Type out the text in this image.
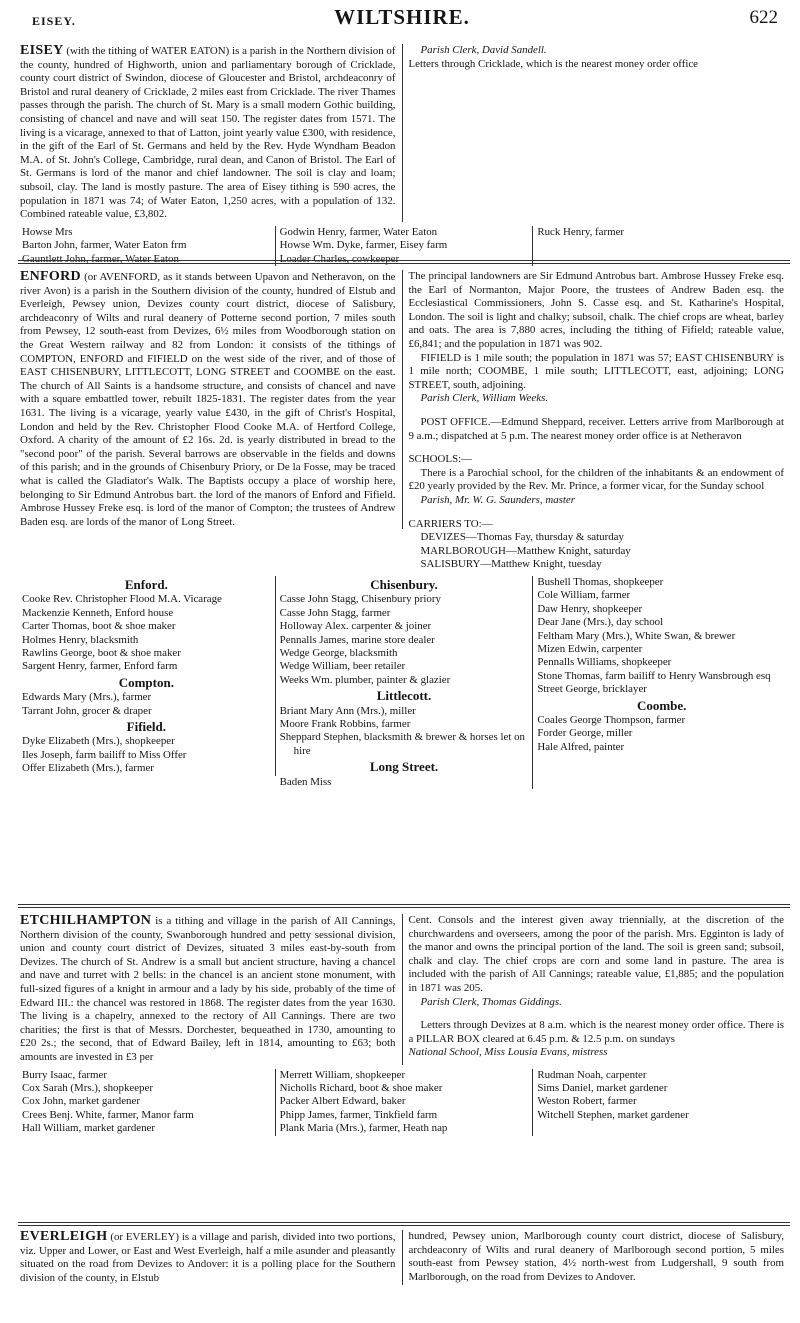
EISEY.	WILTSHIRE.	622

EISEY (with the tithing of WATER EATON) is a parish in the Northern division of the county, hundred of Highworth, union and parliamentary borough of Cricklade, county court district of Swindon, diocese of Gloucester and Bristol, archdeaconry of Bristol and rural deanery of Cricklade, 2 miles east from Cricklade. The river Thames passes through the parish. The church of St. Mary is a small modern Gothic building, consisting of chancel and nave and will seat 150. The register dates from 1571. The living is a vicarage, annexed to that of Latton, joint yearly value £300, with residence, in the gift of the Earl of St. Germans and held by the Rev. Hyde Wyndham Beadon M.A. of St. John's College, Cambridge, rural dean, and Canon of Bristol. The Earl of St. Germans is lord of the manor and chief landowner. The soil is clay and loam; subsoil, clay. The land is mostly pasture. The area of Eisey tithing is 590 acres, the population in 1871 was 74; of Water Eaton, 1,250 acres, with a population of 132. Combined rateable value, £3,802.

Parish Clerk, David Sandell.

Letters through Cricklade, which is the nearest money order office

Howse Mrs
Barton John, farmer, Water Eaton frm
Gauntlett John, farmer, Water Eaton
Godwin Henry, farmer, Water Eaton
Howse Wm. Dyke, farmer, Eisey farm
Loader Charles, cowkeeper
Ruck Henry, farmer

ENFORD (or AVENFORD, as it stands between Upavon and Netheravon, on the river Avon) is a parish in the Southern division of the county, hundred of Elstub and Everleigh, Pewsey union, Devizes county court district, diocese of Salisbury, archdeaconry of Wilts and rural deanery of Potterne second portion, 7 miles south from Pewsey, 12 south-east from Devizes, 6½ miles from Woodborough station on the Great Western railway and 82 from London: it consists of the tithings of COMPTON, ENFORD and FIFIELD on the west side of the river, and of those of EAST CHISENBURY, LITTLECOTT, LONG STREET and COOMBE on the east. The church of All Saints is a handsome structure, and consists of chancel and nave with a square embattled tower, rebuilt 1825-1831. The register dates from the year 1631. The living is a vicarage, yearly value £430, in the gift of Christ's Hospital, London and held by the Rev. Christopher Flood Cooke M.A. of Hertford College, Oxford. A charity of the amount of £2 16s. 2d. is yearly distributed in bread to the "second poor" of the parish. Several barrows are observable in the fields and downs of this parish; and in the grounds of Chisenbury Priory, or De la Fosse, may be traced what is called the Gladiator's Walk. The Baptists occupy a place of worship here, belonging to Sir Edmund Antrobus bart. the lord of the manors of Enford and Fifield. Ambrose Hussey Freke esq. is lord of the manor of Compton; the trustees of Andrew Baden esq. are lords of the manor of Long Street.

The principal landowners are Sir Edmund Antrobus bart. Ambrose Hussey Freke esq. the Earl of Normanton, Major Poore, the trustees of Andrew Baden esq. the Ecclesiastical Commissioners, John S. Casse esq. and St. Katharine's Hospital, London. The soil is light and chalky; subsoil, chalk. The chief crops are wheat, barley and oats. The area is 7,880 acres, including the tithing of Fifield; rateable value, £6,841; and the population in 1871 was 902.

FIFIELD is 1 mile south; the population in 1871 was 57; EAST CHISENBURY is 1 mile north; COOMBE, 1 mile south; LITTLECOTT, east, adjoining; LONG STREET, south, adjoining.

Parish Clerk, William Weeks.

POST OFFICE.—Edmund Sheppard, receiver. Letters arrive from Marlborough at 9 a.m.; dispatched at 5 p.m. The nearest money order office is at Netheravon

SCHOOLS:—

There is a Parochial school, for the children of the inhabitants & an endowment of £20 yearly provided by the Rev. Mr. Prince, a former vicar, for the Sunday school

Parish, Mr. W. G. Saunders, master

CARRIERS TO:—

DEVIZES—Thomas Fay, thursday & saturday

MARLBOROUGH—Matthew Knight, saturday

SALISBURY—Matthew Knight, tuesday

Enford.
Cooke Rev. Christopher Flood M.A. Vicarage
Mackenzie Kenneth, Enford house
Carter Thomas, boot & shoe maker
Holmes Henry, blacksmith
Rawlins George, boot & shoe maker
Sargent Henry, farmer, Enford farm
Compton.
Edwards Mary (Mrs.), farmer
Tarrant John, grocer & draper
Fifield.
Dyke Elizabeth (Mrs.), shopkeeper
Iles Joseph, farm bailiff to Miss Offer
Offer Elizabeth (Mrs.), farmer
Chisenbury.
Casse John Stagg, Chisenbury priory
Casse John Stagg, farmer
Holloway Alex. carpenter & joiner
Pennalls James, marine store dealer
Wedge George, blacksmith
Wedge William, beer retailer
Weeks Wm. plumber, painter & glazier
Littlecott.
Briant Mary Ann (Mrs.), miller
Moore Frank Robbins, farmer
Sheppard Stephen, blacksmith & brewer & horses let on hire
Long Street.
Baden Miss
Bushell Thomas, shopkeeper
Cole William, farmer
Daw Henry, shopkeeper
Dear Jane (Mrs.), day school
Feltham Mary (Mrs.), White Swan, & brewer
Mizen Edwin, carpenter
Pennalls Williams, shopkeeper
Stone Thomas, farm bailiff to Henry Wansbrough esq
Street George, bricklayer
Coombe.
Coales George Thompson, farmer
Forder George, miller
Hale Alfred, painter

ETCHILHAMPTON is a tithing and village in the parish of All Cannings, Northern division of the county, Swanborough hundred and petty sessional division, union and county court district of Devizes, situated 3 miles east-by-south from Devizes. The church of St. Andrew is a small but ancient structure, having a chancel and nave and turret with 2 bells: in the chancel is an ancient stone monument, with full-sized figures of a knight in armour and a lady by his side, probably of the time of Edward III.: the chancel was restored in 1868. The register dates from the year 1630. The living is a chapelry, annexed to the rectory of All Cannings. There are two charities; the first is that of Messrs. Dorchester, bequeathed in 1730, amounting to £20 2s.; the second, that of Edward Bailey, left in 1814, amounting to £63; both amounts are invested in £3 per

Cent. Consols and the interest given away triennially, at the discretion of the churchwardens and overseers, among the poor of the parish. Mrs. Egginton is lady of the manor and owns the principal portion of the land. The soil is green sand; subsoil, chalk and clay. The chief crops are corn and some land in pasture. The area is included with the parish of All Cannings; rateable value, £1,885; and the population in 1871 was 205.

Parish Clerk, Thomas Giddings.

Letters through Devizes at 8 a.m. which is the nearest money order office. There is a PILLAR BOX cleared at 6.45 p.m. & 12.5 p.m. on sundays

National School, Miss Lousia Evans, mistress

Burry Isaac, farmer
Cox Sarah (Mrs.), shopkeeper
Cox John, market gardener
Crees Benj. White, farmer, Manor farm
Hall William, market gardener
Merrett William, shopkeeper
Nicholls Richard, boot & shoe maker
Packer Albert Edward, baker
Phipp James, farmer, Tinkfield farm
Plank Maria (Mrs.), farmer, Heath nap
Rudman Noah, carpenter
Sims Daniel, market gardener
Weston Robert, farmer
Witchell Stephen, market gardener

EVERLEIGH (or EVERLEY) is a village and parish, divided into two portions, viz. Upper and Lower, or East and West Everleigh, half a mile asunder and pleasantly situated on the road from Devizes to Andover: it is a polling place for the Southern division of the county, in Elstub

hundred, Pewsey union, Marlborough county court district, diocese of Salisbury, archdeaconry of Wilts and rural deanery of Marlborough second portion, 5 miles south-east from Pewsey station, 4½ north-west from Ludgershall, 9 south from Marlborough, on the road from Devizes to Andover.
